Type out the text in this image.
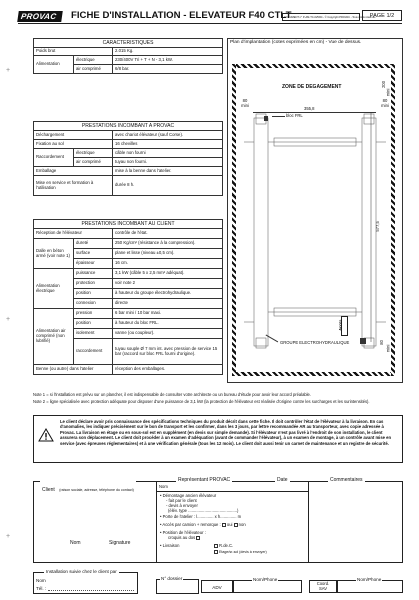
PROVAC	FICHE D'INSTALLATION - ELEVATEUR F40 CTLT
DOCUMENT n° P-AM-TC-025/04 - © Copyright PROVAC - Tous droits réservés
PAGE 1/2
+
+
+
CARACTERISTIQUES		
Poids brut		2.015 Kg.
Alimentation	électrique	230/400V Tri + T + N - 3,1 kW.
	air comprimé	6/8 bar.
PRESTATIONS INCOMBANT A PROVAC		
Déchargement		avec chariot élévateur (sauf Corse).
Fixation au sol		16 chevilles
Raccordement	électrique	câble non fourni
	air comprimé	tuyau non fourni.
Emballage		mise à la benne dans l'atelier.
Mise en service et formation à l'utilisation		durée 8 h.
PRESTATIONS INCOMBANT AU CLIENT		
Réception de l'élévateur		contrôle de l'état.
Dalle en béton armé (voir note 1)	dureté	250 Kg/cm² (résistance à la compression).
	surface	plane et lisse (niveau ±0,5 cm).
	épaisseur	16 cm.
Alimentation électrique	puissance	3,1 kW (câble 5 x 2,5 mm² adéquat).
	protection	voir note 2
	position	à hauteur du groupe électrohydraulique.
	connexion	directe
Alimentation air comprimé (non lubrifié)	pression	6 bar mini / 10 bar maxi.
	position	à hauteur du bloc FRL.
	isolement	vanne (ou coupleur).
	raccordement	tuyau souple Ø 7 mm int. avec pression de service 15 bar (raccord sur bloc FRL fourni d'origine).
Benne (ou autre) dans l'atelier		réception des emballages.
Plan d'implantation (cotes exprimées en cm) - Vue de dessus.
ZONE DE DEGAGEMENT
80
mini
80
mini
200
mini
355,8
bloc FRL
577,5
Accès
80
mini
GROUPE ELECTROHYDRAULIQUE
Note 1 = si l'installation est prévu sur un plancher, il est indispensable de consulter votre architecte ou un bureau d'étude pour avoir leur accord préalable.
Note 2 = ligne spécialisée avec protection adéquate pour disposer d'une puissance de 3,1 kW (la protection de l'élévateur est réalisée d'origine contre les surcharges et les surintensités).
Le client déclare avoir pris connaissance des spécifications techniques du produit décrit dans cette fiche. Il doit contrôler l'état de l'élévateur à la livraison. En cas d'anomalies, les indiquer précisément sur le bon de transport et les confirmer, dans les 3 jours, par lettre recommandée AR au transporteur, avec copie adressée à Provac. La livraison en étage ou en sous-sol est en supplément (en devis sur simple demande). Si l'élévateur n'est pas livré à l'endroit de son installation, le client assurera son déplacement. Le client doit procéder à un examen d'adéquation (avant de commander l'élévateur), à un examen de montage, à un contrôle avant mise en service (avec épreuves réglementaires) et à une vérification générale (tous les 12 mois). Le client doit aussi tenir un carnet de maintenance et un registre de sécurité.
Client (raison sociale, adresse, téléphone du contact)
Nom	Signature
Représentant PROVAC	Date	Commentaires
Nom
• Démontage ancien élévateur
- fait par le client
- devis à envoyer
(élév. type ..........................................)
• Porte de l'atelier : l.............. x h.............. m
• Accès par camion + remorque : oui non
• Position de l'élévateur :
croquis au dos
• Livraison	R.de.C.
Etage/sr-sol (devis à envoyer)
Installation suivie chez le client par
Nom
Tél. :
N° dossier
ADV
Nom/Phone
Coord.
SAV
Nom/Phone
